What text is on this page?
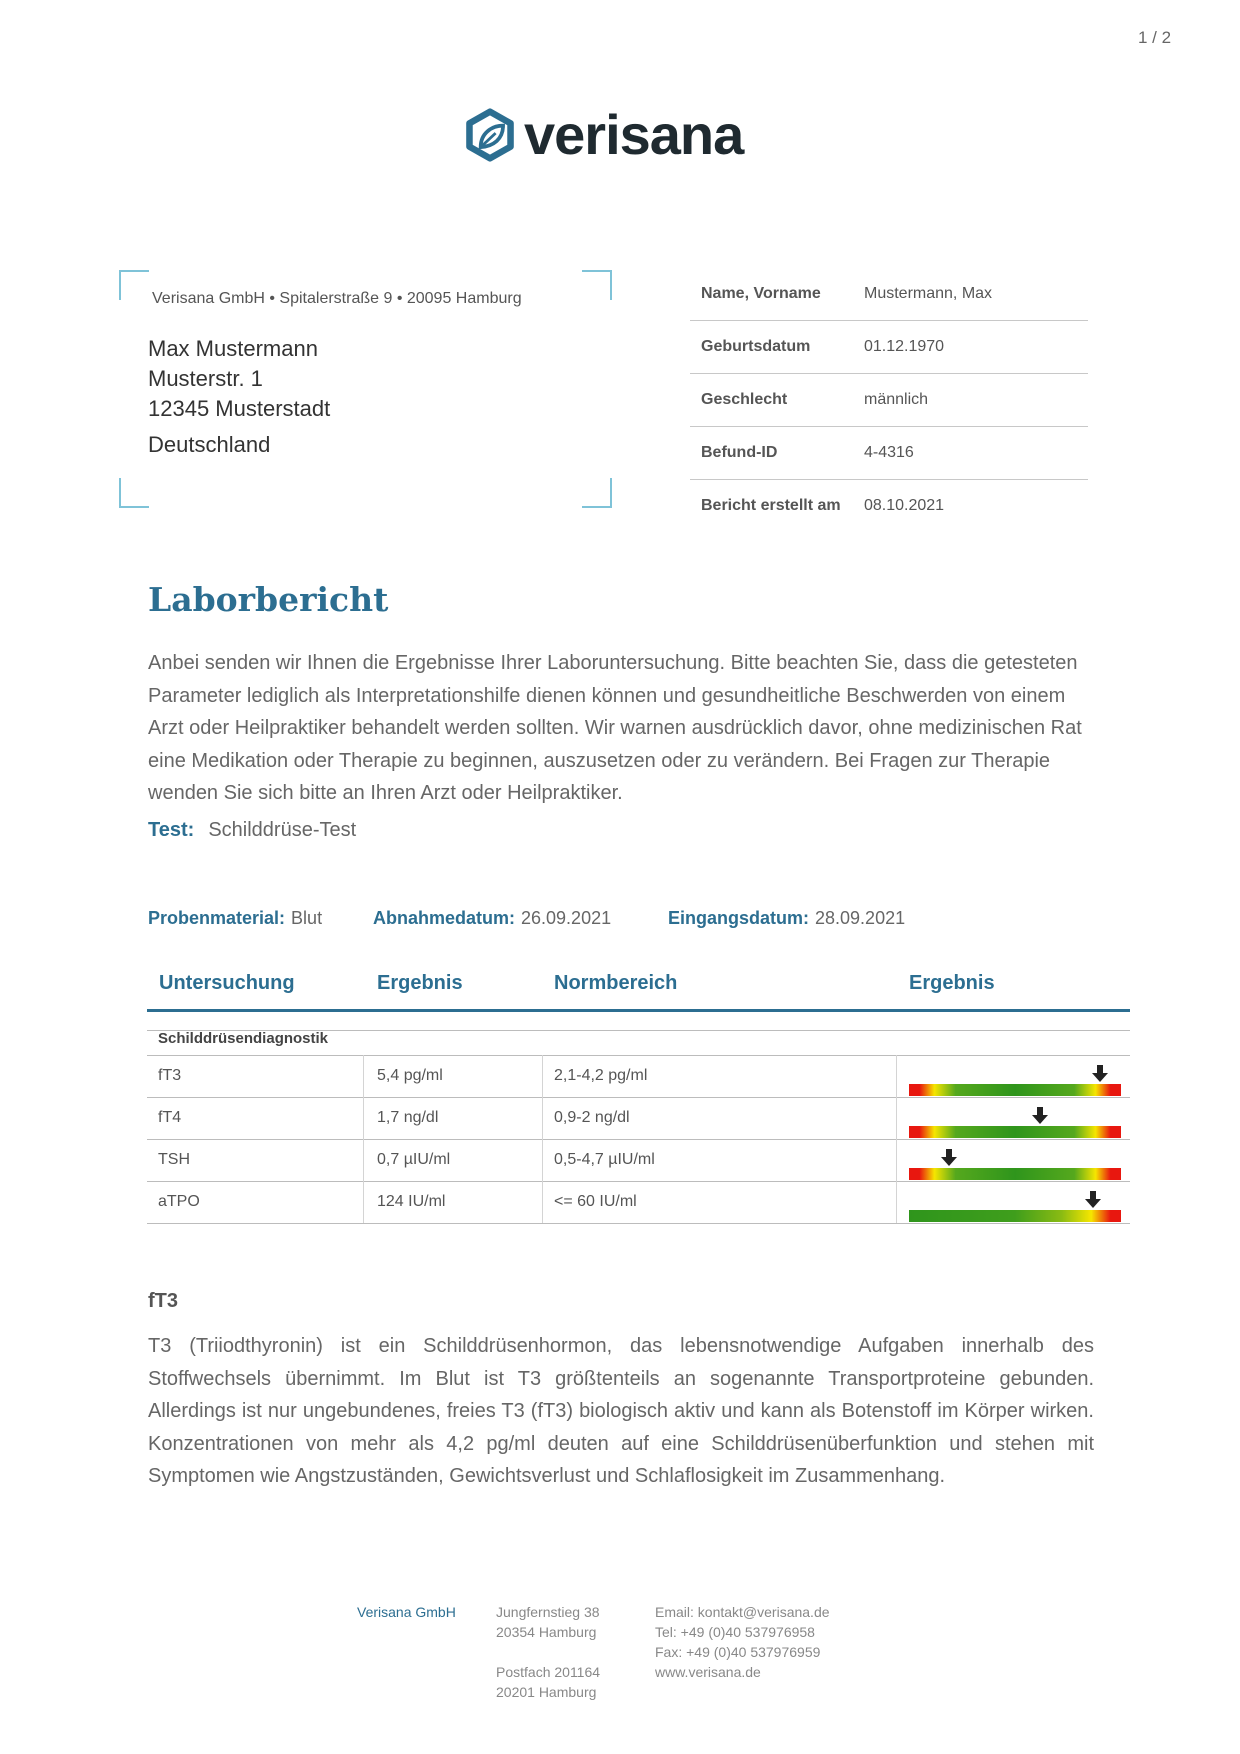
1 / 2
verisana
Verisana GmbH • Spitalerstraße 9 • 20095 Hamburg
Max Mustermann
Musterstr. 1
12345 Musterstadt
Deutschland
Name, Vorname	Mustermann, Max
Geburtsdatum	01.12.1970
Geschlecht	männlich
Befund-ID	4-4316
Bericht erstellt am	08.10.2021
Laborbericht
Anbei senden wir Ihnen die Ergebnisse Ihrer Laboruntersuchung. Bitte beachten Sie, dass die getesteten Parameter lediglich als Interpretationshilfe dienen können und gesundheitliche Beschwerden von einem Arzt oder Heilpraktiker behandelt werden sollten. Wir warnen ausdrücklich davor, ohne medizinischen Rat eine Medikation oder Therapie zu beginnen, auszusetzen oder zu verändern. Bei Fragen zur Therapie wenden Sie sich bitte an Ihren Arzt oder Heilpraktiker.
Test: Schilddrüse-Test
Probenmaterial: Blut	Abnahmedatum: 26.09.2021	Eingangsdatum: 28.09.2021
Untersuchung	Ergebnis	Normbereich	Ergebnis
Schilddrüsendiagnostik
fT3	5,4 pg/ml	2,1-4,2 pg/ml
fT4	1,7 ng/dl	0,9-2 ng/dl
TSH	0,7 µIU/ml	0,5-4,7 µIU/ml
aTPO	124 IU/ml	<= 60 IU/ml
fT3
T3 (Triiodthyronin) ist ein Schilddrüsenhormon, das lebensnotwendige Aufgaben innerhalb des Stoffwechsels übernimmt. Im Blut ist T3 größtenteils an sogenannte Transportproteine gebunden. Allerdings ist nur ungebundenes, freies T3 (fT3) biologisch aktiv und kann als Botenstoff im Körper wirken. Konzentrationen von mehr als 4,2 pg/ml deuten auf eine Schilddrüsenüberfunktion und stehen mit Symptomen wie Angstzuständen, Gewichtsverlust und Schlaflosigkeit im Zusammenhang.
Verisana GmbH	Jungfernstieg 38
20354 Hamburg
Postfach 201164
20201 Hamburg
Email: kontakt@verisana.de
Tel: +49 (0)40 537976958
Fax: +49 (0)40 537976959
www.verisana.de
